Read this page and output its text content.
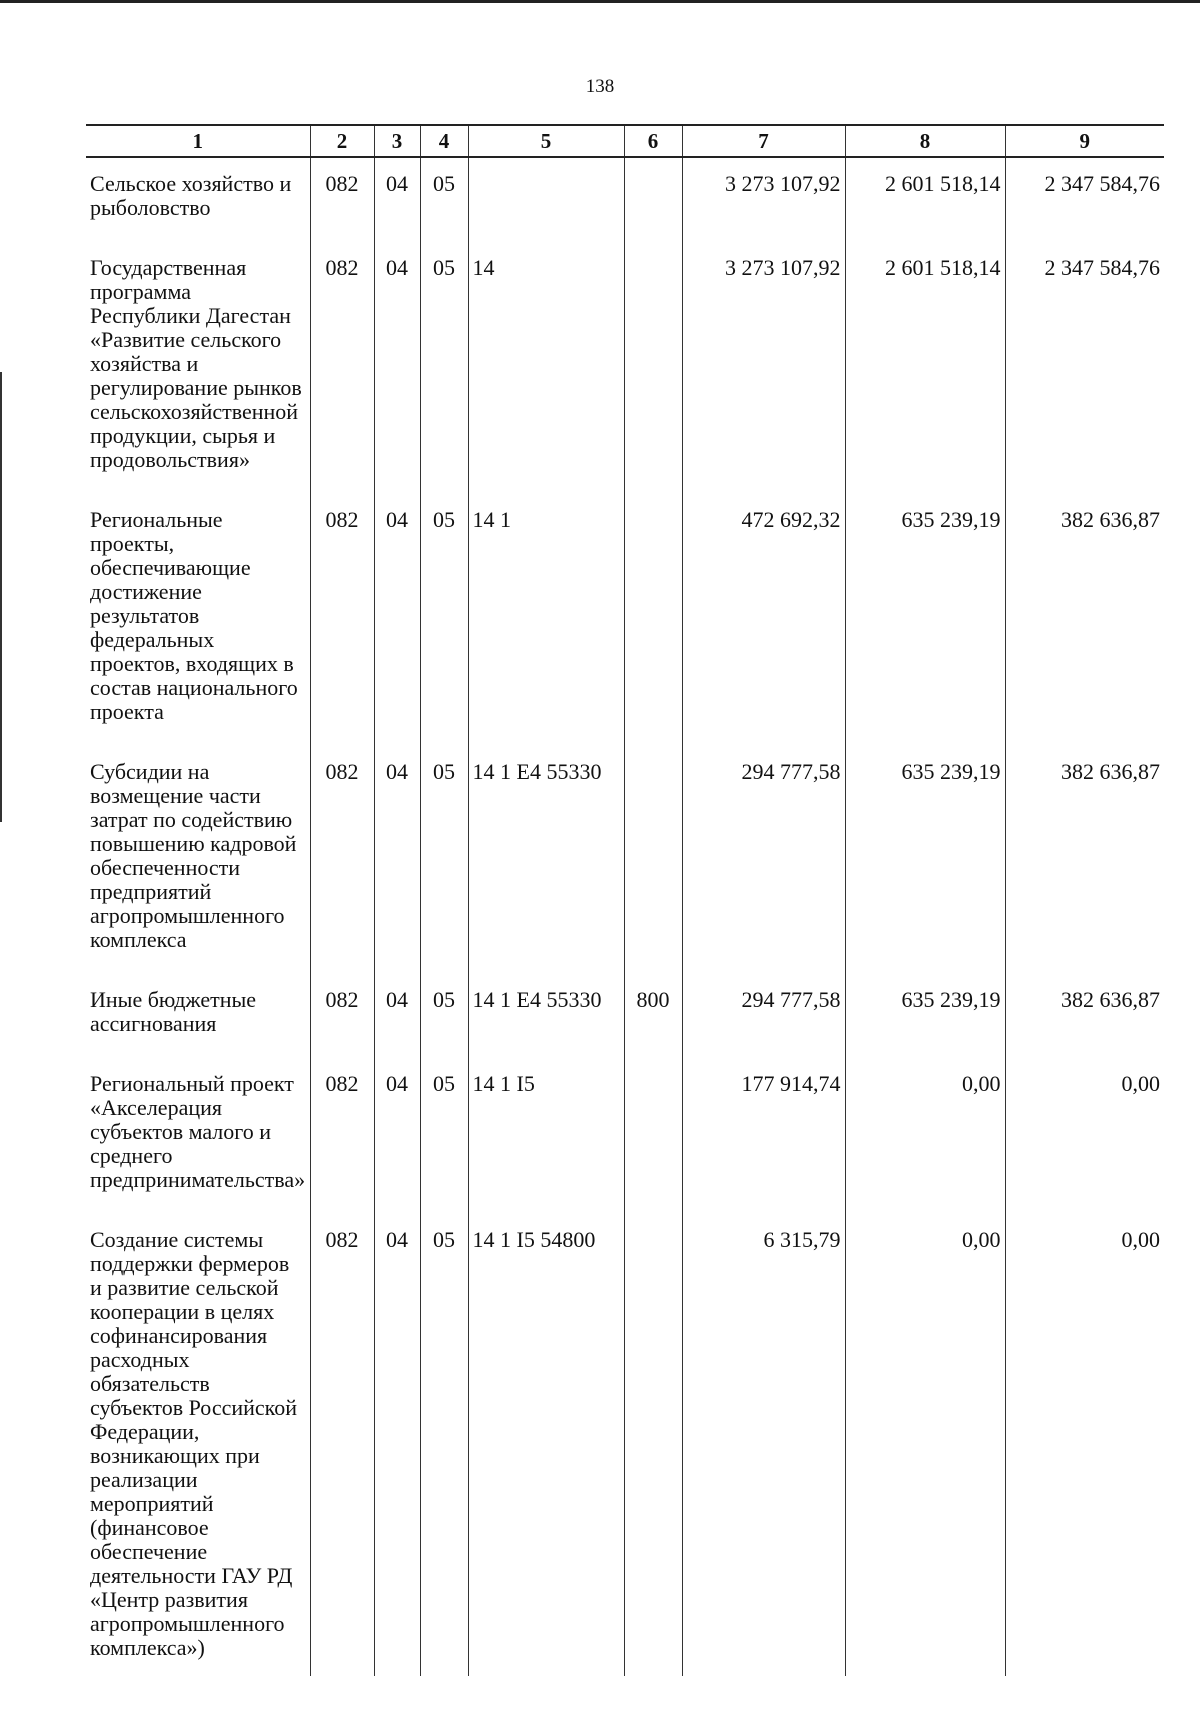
138
1	2	3	4	5	6	7	8	9
Сельское хозяйство и рыболовство	082	04	05			3 273 107,92	2 601 518,14	2 347 584,76
Государственная программа Республики Дагестан «Развитие сельского хозяйства и регулирование рынков сельскохозяйственной продукции, сырья и продовольствия»	082	04	05	14		3 273 107,92	2 601 518,14	2 347 584,76
Региональные проекты, обеспечивающие достижение результатов федеральных проектов, входящих в состав национального проекта	082	04	05	14 1		472 692,32	635 239,19	382 636,87
Субсидии на возмещение части затрат по содействию повышению кадровой обеспеченности предприятий агропромышленного комплекса	082	04	05	14 1 E4 55330		294 777,58	635 239,19	382 636,87
Иные бюджетные ассигнования	082	04	05	14 1 E4 55330	800	294 777,58	635 239,19	382 636,87
Региональный проект «Акселерация субъектов малого и среднего предпринимательства»	082	04	05	14 1 I5		177 914,74	0,00	0,00
Создание системы поддержки фермеров и развитие сельской кооперации в целях софинансирования расходных обязательств субъектов Российской Федерации, возникающих при реализации мероприятий (финансовое обеспечение деятельности ГАУ РД «Центр развития агропромышленного комплекса»)	082	04	05	14 1 I5 54800		6 315,79	0,00	0,00
